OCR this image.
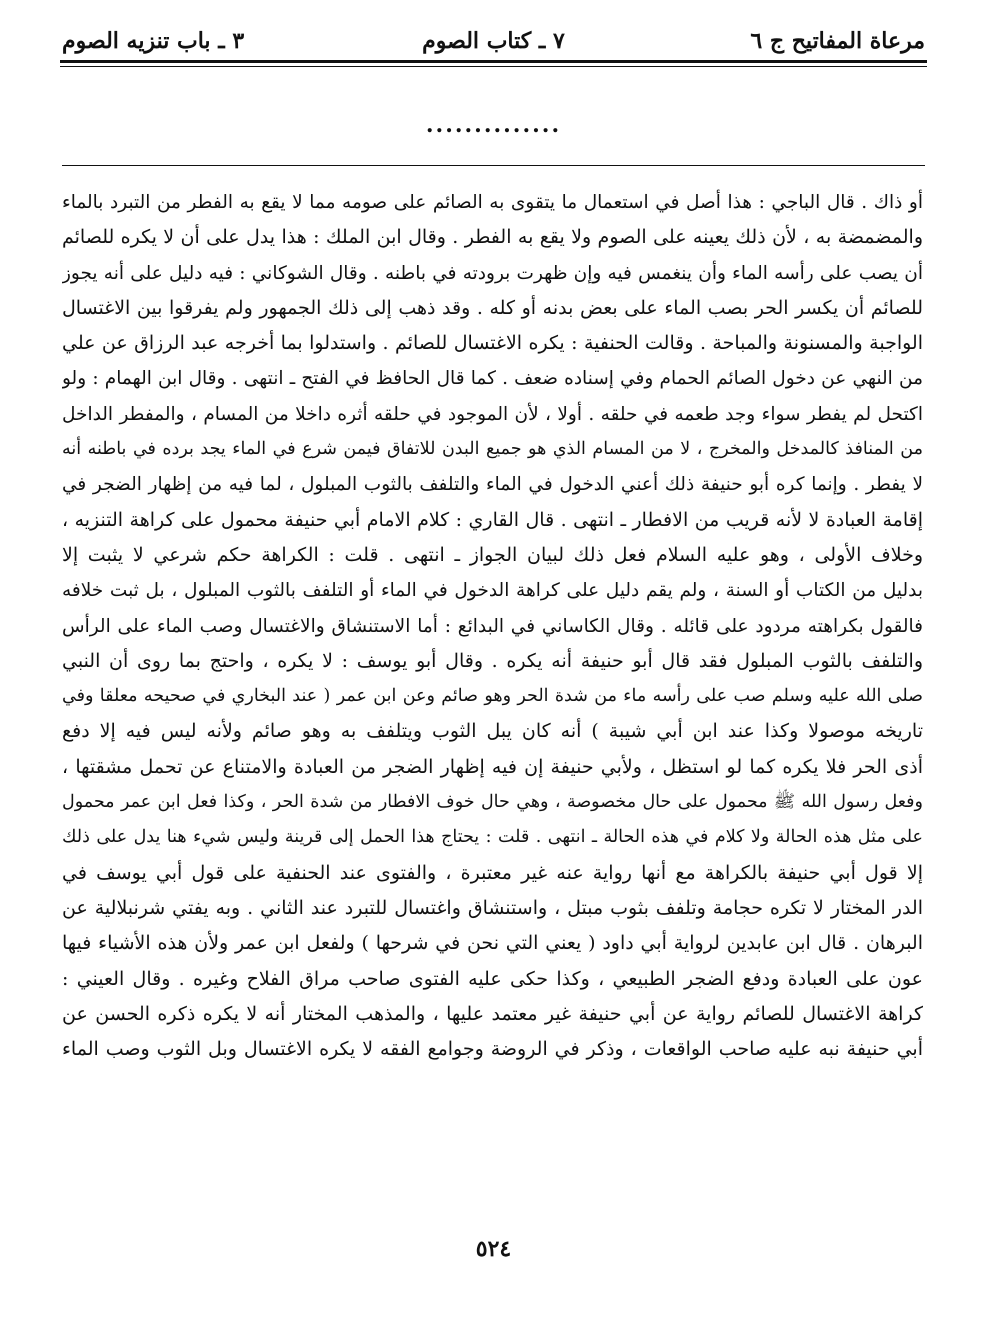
مرعاة المفاتيح ج ٦
٧ ـ كتاب الصوم
٣ ـ باب تنزيه الصوم
..............
أو ذاك . قال الباجي : هذا أصل في استعمال ما يتقوى به الصائم على صومه مما لا يقع به الفطر من التبرد بالماء
والمضمضة به ، لأن ذلك يعينه على الصوم ولا يقع به الفطر . وقال ابن الملك : هذا يدل على أن لا يكره للصائم
أن يصب على رأسه الماء وأن ينغمس فيه وإن ظهرت برودته في باطنه . وقال الشوكاني : فيه دليل على أنه يجوز
للصائم أن يكسر الحر بصب الماء على بعض بدنه أو كله . وقد ذهب إلى ذلك الجمهور ولم يفرقوا بين الاغتسال
الواجبة والمسنونة والمباحة . وقالت الحنفية : يكره الاغتسال للصائم . واستدلوا بما أخرجه عبد الرزاق عن علي
من النهي عن دخول الصائم الحمام وفي إسناده ضعف . كما قال الحافظ في الفتح ـ انتهى . وقال ابن الهمام : ولو
اكتحل لم يفطر سواء وجد طعمه في حلقه . أولا ، لأن الموجود في حلقه أثره داخلا من المسام ، والمفطر الداخل
من المنافذ كالمدخل والمخرج ، لا من المسام الذي هو جميع البدن للاتفاق فيمن شرع في الماء يجد برده في باطنه أنه
لا يفطر . وإنما كره أبو حنيفة ذلك أعني الدخول في الماء والتلفف بالثوب المبلول ، لما فيه من إظهار الضجر في
إقامة العبادة لا لأنه قريب من الافطار ـ انتهى . قال القاري : كلام الامام أبي حنيفة محمول على كراهة التنزيه ،
وخلاف الأولى ، وهو عليه السلام فعل ذلك لبيان الجواز ـ انتهى . قلت : الكراهة حكم شرعي لا يثبت إلا
بدليل من الكتاب أو السنة ، ولم يقم دليل على كراهة الدخول في الماء أو التلفف بالثوب المبلول ، بل ثبت خلافه
فالقول بكراهته مردود على قائله . وقال الكاساني في البدائع : أما الاستنشاق والاغتسال وصب الماء على الرأس
والتلفف بالثوب المبلول فقد قال أبو حنيفة أنه يكره . وقال أبو يوسف : لا يكره ، واحتج بما روى أن النبي
صلى الله عليه وسلم صب على رأسه ماء من شدة الحر وهو صائم وعن ابن عمر ( عند البخاري في صحيحه معلقا وفي
تاريخه موصولا وكذا عند ابن أبي شيبة ) أنه كان يبل الثوب ويتلفف به وهو صائم ولأنه ليس فيه إلا دفع
أذى الحر فلا يكره كما لو استظل ، ولأبي حنيفة إن فيه إظهار الضجر من العبادة والامتناع عن تحمل مشقتها ،
وفعل رسول الله ﷺ محمول على حال مخصوصة ، وهي حال خوف الافطار من شدة الحر ، وكذا فعل ابن عمر محمول
على مثل هذه الحالة ولا كلام في هذه الحالة ـ انتهى . قلت : يحتاج هذا الحمل إلى قرينة وليس شيء هنا يدل على ذلك
إلا قول أبي حنيفة بالكراهة مع أنها رواية عنه غير معتبرة ، والفتوى عند الحنفية على قول أبي يوسف في
الدر المختار لا تكره حجامة وتلفف بثوب مبتل ، واستنشاق واغتسال للتبرد عند الثاني . وبه يفتي شرنبلالية عن
البرهان . قال ابن عابدين لرواية أبي داود ( يعني التي نحن في شرحها ) ولفعل ابن عمر ولأن هذه الأشياء فيها
عون على العبادة ودفع الضجر الطبيعي ، وكذا حكى عليه الفتوى صاحب مراق الفلاح وغيره . وقال العيني :
كراهة الاغتسال للصائم رواية عن أبي حنيفة غير معتمد عليها ، والمذهب المختار أنه لا يكره ذكره الحسن عن
أبي حنيفة نبه عليه صاحب الواقعات ، وذكر في الروضة وجوامع الفقه لا يكره الاغتسال وبل الثوب وصب الماء
٥٢٤
